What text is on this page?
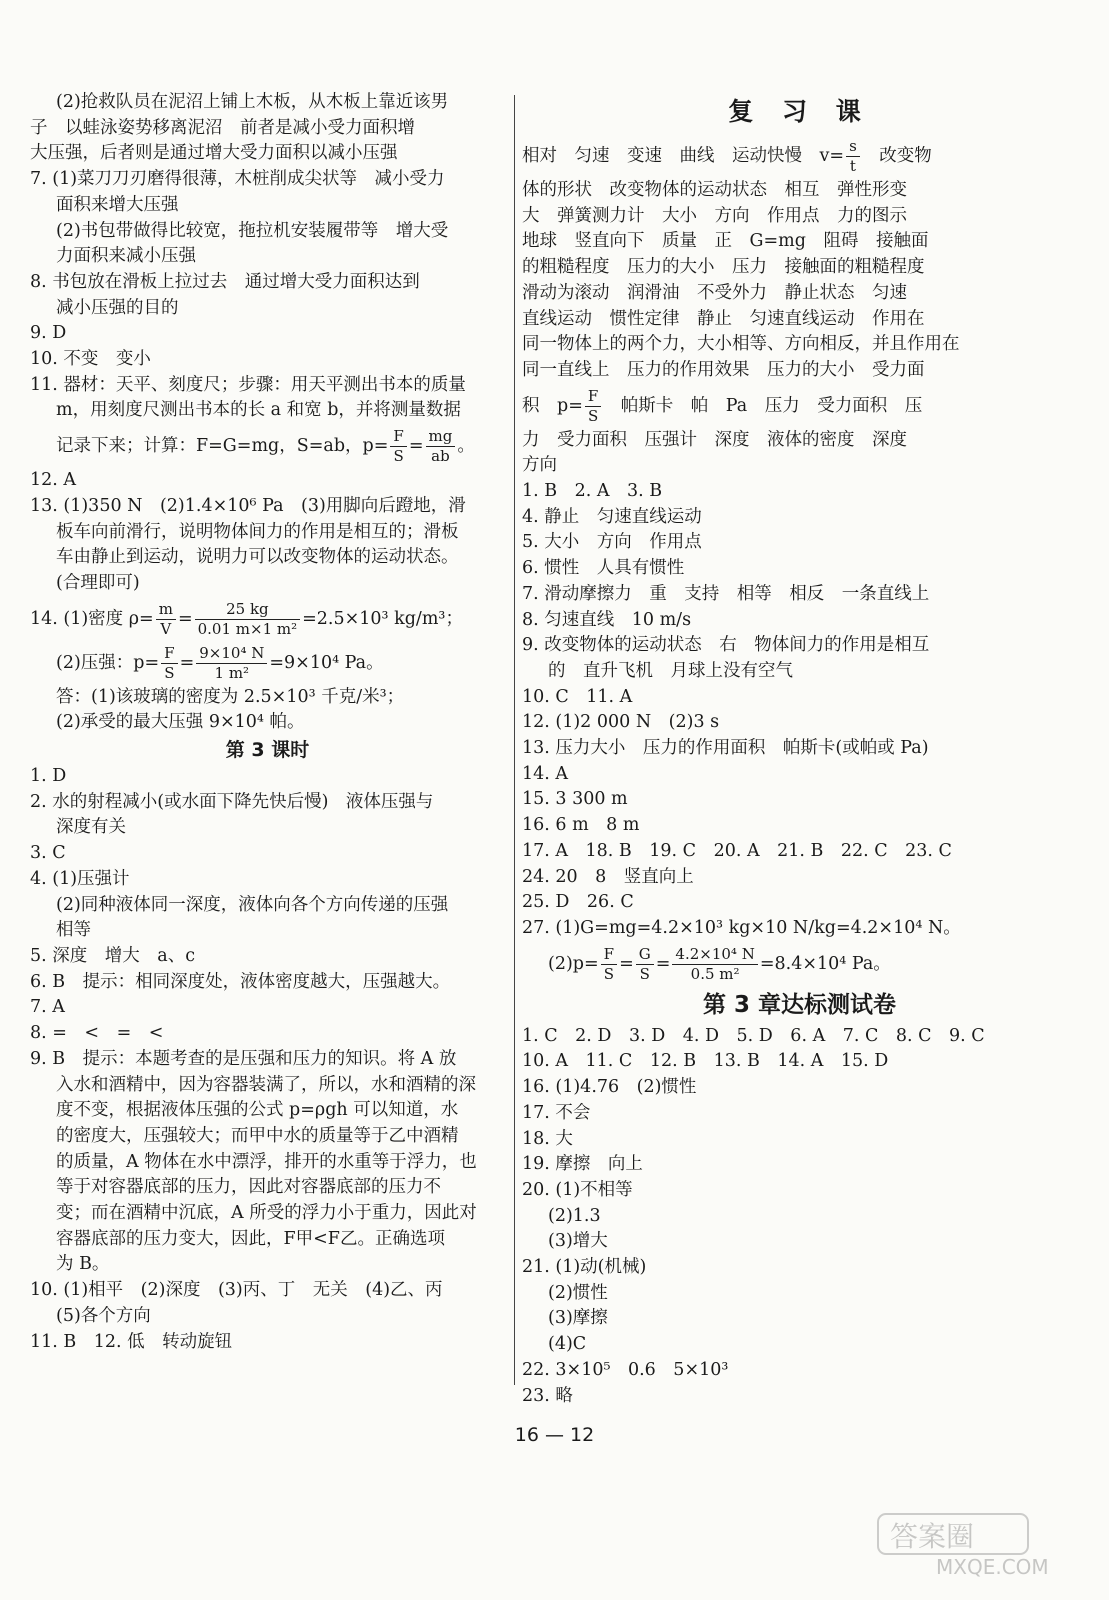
(2)抢救队员在泥沼上铺上木板，从木板上靠近该男
子　以蛙泳姿势移离泥沼　前者是减小受力面积增
大压强，后者则是通过增大受力面积以减小压强
7. (1)菜刀刀刃磨得很薄，木桩削成尖状等　减小受力
面积来增大压强
(2)书包带做得比较宽，拖拉机安装履带等　增大受
力面积来减小压强
8. 书包放在滑板上拉过去　通过增大受力面积达到
减小压强的目的
9. D
10. 不变　变小
11. 器材：天平、刻度尺；步骤：用天平测出书本的质量
m，用刻度尺测出书本的长 a 和宽 b，并将测量数据
记录下来；计算：F=G=mg，S=ab，$p= \frac{F}{S} = \frac{mg}{ab}$ 。
12. A
13. (1)350 N　(2)1.4×10⁶ Pa　(3)用脚向后蹬地，滑
板车向前滑行，说明物体间力的作用是相互的；滑板
车由静止到运动，说明力可以改变物体的运动状态。
(合理即可)
14. (1)密度 $\rho= \frac{m}{V} = \frac{25 kg}{\text{0.01 m×1 m²}} =2.5\times 10^3$ kg/m³；
(2)压强：$p= \frac{F}{S} = \frac{\text{9×10⁴ N}}{\text{1 m²}} =9\times 10^4$ Pa。
答：(1)该玻璃的密度为 2.5×10³ 千克/米³；
(2)承受的最大压强 9×10⁴ 帕。
第 3 课时
1. D
2. 水的射程减小(或水面下降先快后慢)　液体压强与
深度有关
3. C
4. (1)压强计
(2)同种液体同一深度，液体向各个方向传递的压强
相等
5. 深度　增大　a、c
6. B　提示：相同深度处，液体密度越大，压强越大。
7. A
8. =　<　=　<
9. B　提示：本题考查的是压强和压力的知识。将 A 放
入水和酒精中，因为容器装满了，所以，水和酒精的深
度不变，根据液体压强的公式 p=ρgh 可以知道，水
的密度大，压强较大；而甲中水的质量等于乙中酒精
的质量，A 物体在水中漂浮，排开的水重等于浮力，也
等于对容器底部的压力，因此对容器底部的压力不
变；而在酒精中沉底，A 所受的浮力小于重力，因此对
容器底部的压力变大，因此，F甲<F乙。正确选项
为 B。
10. (1)相平　(2)深度　(3)丙、丁　无关　(4)乙、丙
(5)各个方向
11. B　12. 低　转动旋钮
复 习 课
相对　匀速　变速　曲线　运动快慢　$v= \frac{s}{t}$ 　改变物
体的形状　改变物体的运动状态　相互　弹性形变
大　弹簧测力计　大小　方向　作用点　力的图示
地球　竖直向下　质量　正　G=mg　阻碍　接触面
的粗糙程度　压力的大小　压力　接触面的粗糙程度
滑动为滚动　润滑油　不受外力　静止状态　匀速
直线运动　惯性定律　静止　匀速直线运动　作用在
同一物体上的两个力，大小相等、方向相反，并且作用在
同一直线上　压力的作用效果　压力的大小　受力面
积　$p= \frac{F}{S}$ 　帕斯卡　帕　Pa　压力　受力面积　压
力　受力面积　压强计　深度　液体的密度　深度
方向
1. B　2. A　3. B
4. 静止　匀速直线运动
5. 大小　方向　作用点
6. 惯性　人具有惯性
7. 滑动摩擦力　重　支持　相等　相反　一条直线上
8. 匀速直线　10 m/s
9. 改变物体的运动状态　右　物体间力的作用是相互
的　直升飞机　月球上没有空气
10. C　11. A
12. (1)2 000 N　(2)3 s
13. 压力大小　压力的作用面积　帕斯卡(或帕或 Pa)
14. A
15. 3 300 m
16. 6 m　8 m
17. A　18. B　19. C　20. A　21. B　22. C　23. C
24. 20　8　竖直向上
25. D　26. C
27. (1)G=mg=4.2×10³ kg×10 N/kg=4.2×10⁴ N。
$(2)p= \frac{F}{S} = \frac{G}{S} = \frac{\text{4.2×10⁴ N}}{\text{0.5 m²}} =8.4\times 10^4$ Pa。
第 3 章达标测试卷
1. C　2. D　3. D　4. D　5. D　6. A　7. C　8. C　9. C
10. A　11. C　12. B　13. B　14. A　15. D
16. (1)4.76　(2)惯性
17. 不会
18. 大
19. 摩擦　向上
20. (1)不相等
(2)1.3
(3)增大
21. (1)动(机械)
(2)惯性
(3)摩擦
(4)C
22. 3×10⁵　0.6　5×10³
23. 略
16 — 12
答案圈
MXQE.COM
